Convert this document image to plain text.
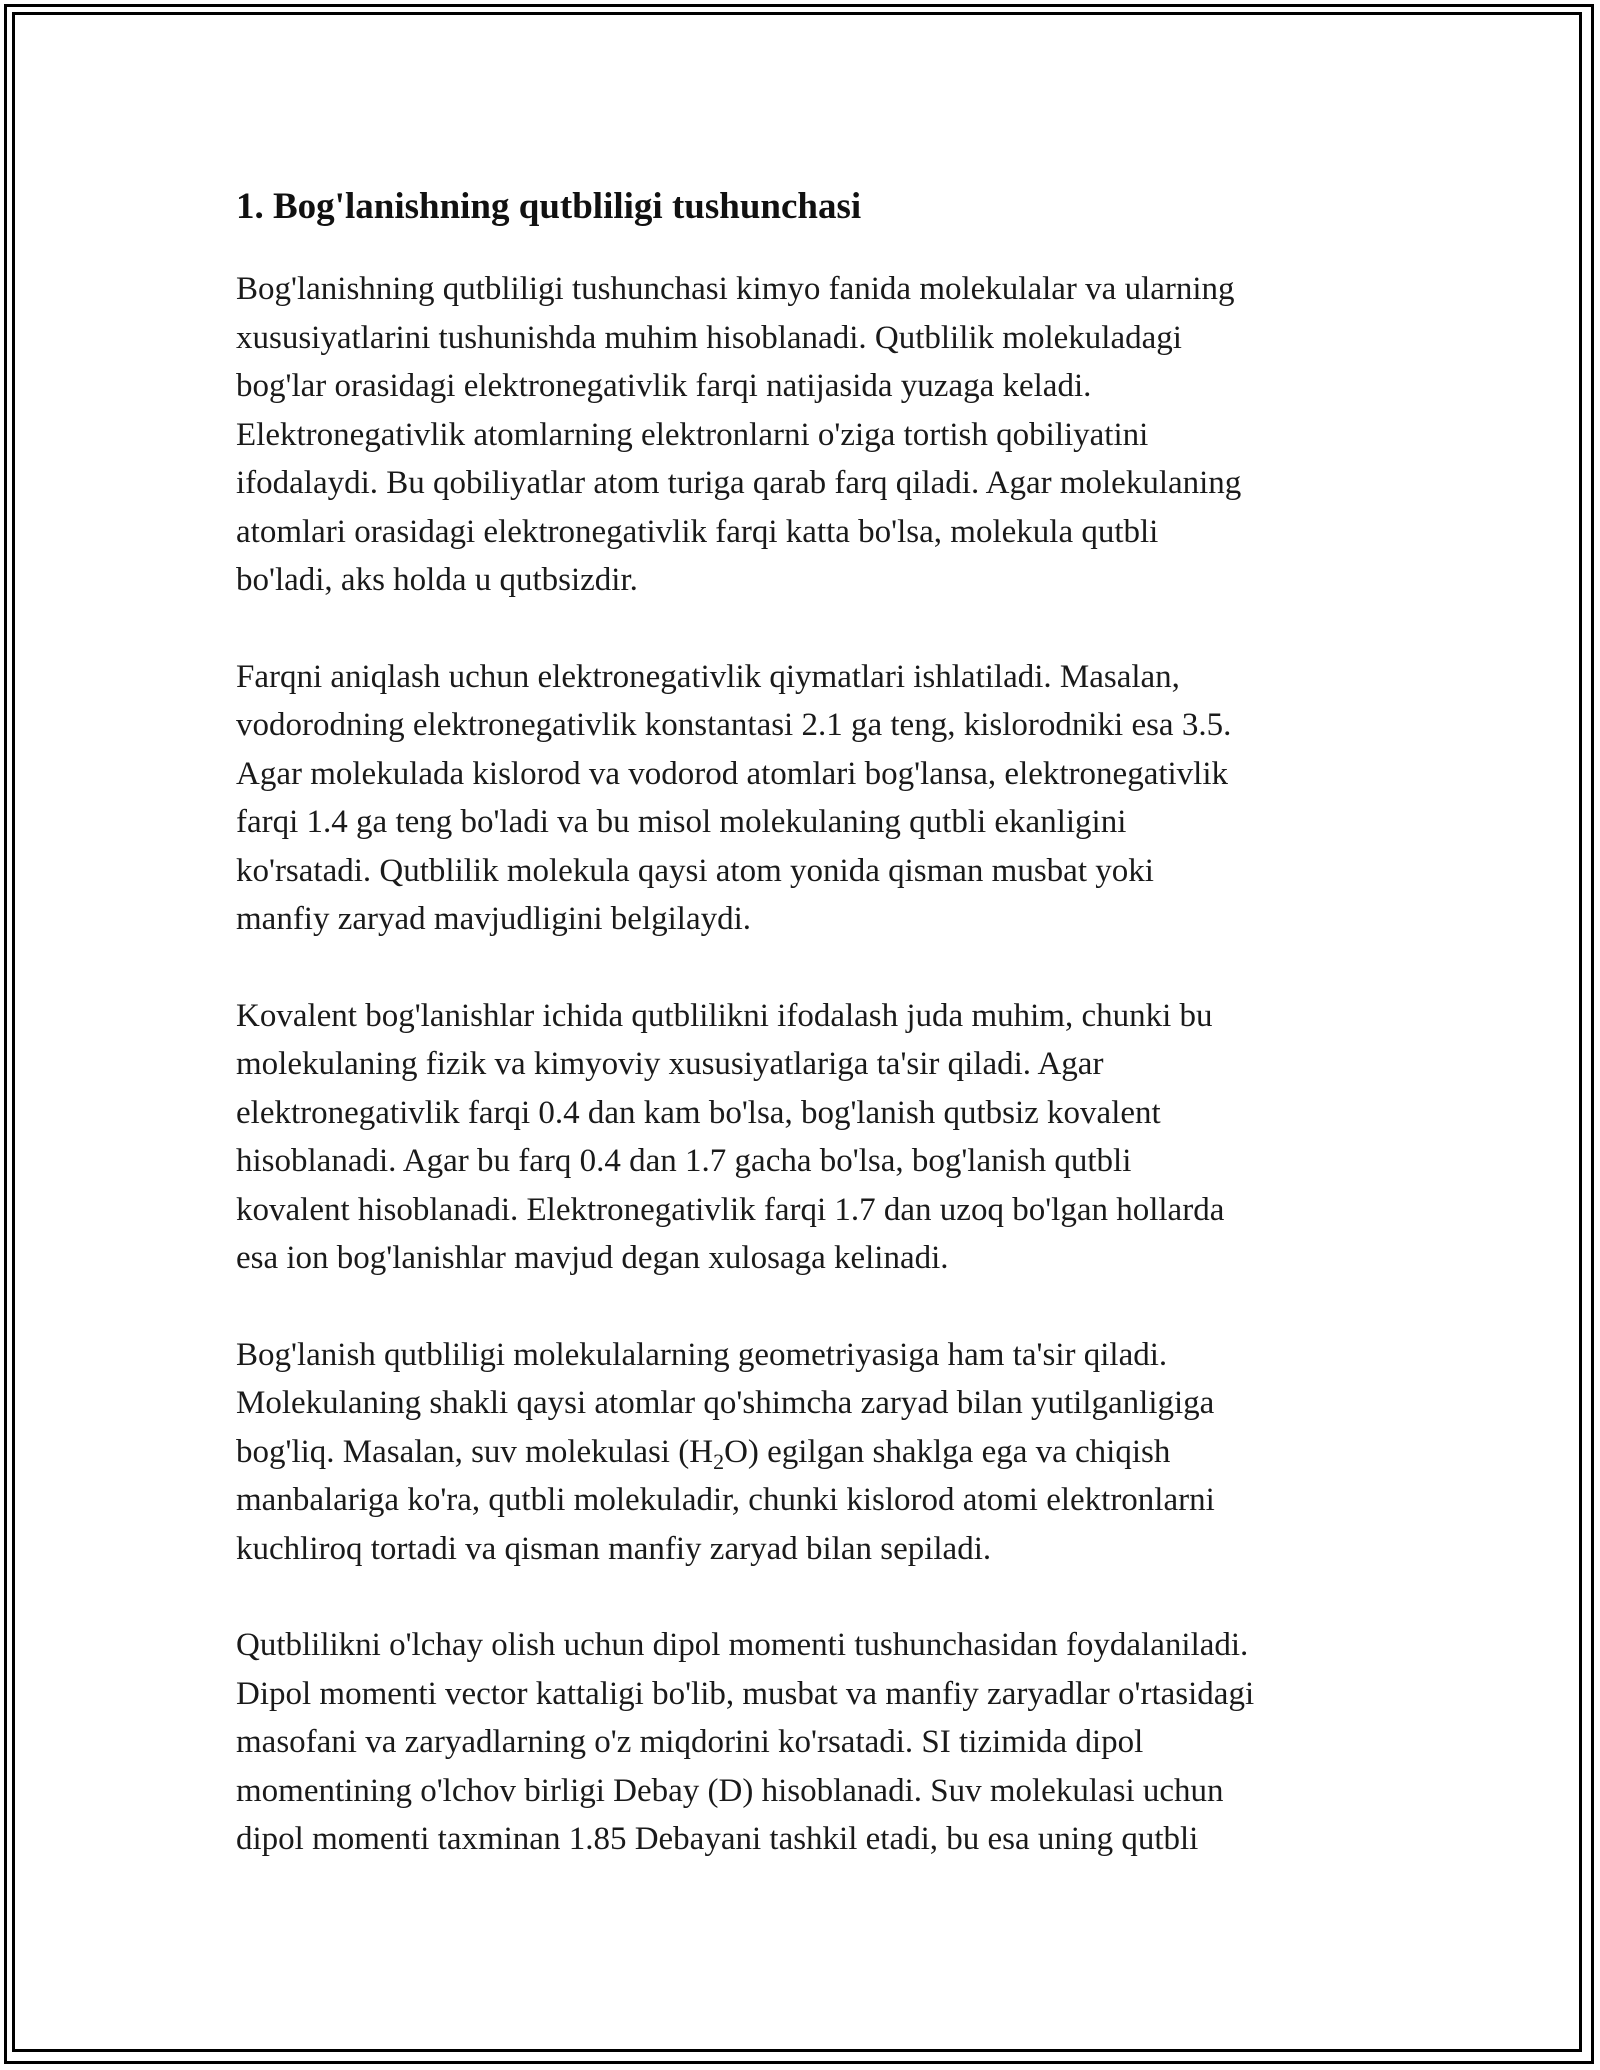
1. Bog'lanishning qutbliligi tushunchasi

Bog'lanishning qutbliligi tushunchasi kimyo fanida molekulalar va ularning
xususiyatlarini tushunishda muhim hisoblanadi. Qutblilik molekuladagi
bog'lar orasidagi elektronegativlik farqi natijasida yuzaga keladi.
Elektronegativlik atomlarning elektronlarni o'ziga tortish qobiliyatini
ifodalaydi. Bu qobiliyatlar atom turiga qarab farq qiladi. Agar molekulaning
atomlari orasidagi elektronegativlik farqi katta bo'lsa, molekula qutbli
bo'ladi, aks holda u qutbsizdir.

Farqni aniqlash uchun elektronegativlik qiymatlari ishlatiladi. Masalan,
vodorodning elektronegativlik konstantasi 2.1 ga teng, kislorodniki esa 3.5.
Agar molekulada kislorod va vodorod atomlari bog'lansa, elektronegativlik
farqi 1.4 ga teng bo'ladi va bu misol molekulaning qutbli ekanligini
ko'rsatadi. Qutblilik molekula qaysi atom yonida qisman musbat yoki
manfiy zaryad mavjudligini belgilaydi.

Kovalent bog'lanishlar ichida qutblilikni ifodalash juda muhim, chunki bu
molekulaning fizik va kimyoviy xususiyatlariga ta'sir qiladi. Agar
elektronegativlik farqi 0.4 dan kam bo'lsa, bog'lanish qutbsiz kovalent
hisoblanadi. Agar bu farq 0.4 dan 1.7 gacha bo'lsa, bog'lanish qutbli
kovalent hisoblanadi. Elektronegativlik farqi 1.7 dan uzoq bo'lgan hollarda
esa ion bog'lanishlar mavjud degan xulosaga kelinadi.

Bog'lanish qutbliligi molekulalarning geometriyasiga ham ta'sir qiladi.
Molekulaning shakli qaysi atomlar qo'shimcha zaryad bilan yutilganligiga
bog'liq. Masalan, suv molekulasi $(H_2O)$ egilgan shaklga ega va chiqish
manbalariga ko'ra, qutbli molekuladir, chunki kislorod atomi elektronlarni
kuchliroq tortadi va qisman manfiy zaryad bilan sepiladi.

Qutblilikni o'lchay olish uchun dipol momenti tushunchasidan foydalaniladi.
Dipol momenti vector kattaligi bo'lib, musbat va manfiy zaryadlar o'rtasidagi
masofani va zaryadlarning o'z miqdorini ko'rsatadi. SI tizimida dipol
momentining o'lchov birligi Debay (D) hisoblanadi. Suv molekulasi uchun
dipol momenti taxminan 1.85 Debayani tashkil etadi, bu esa uning qutbli
